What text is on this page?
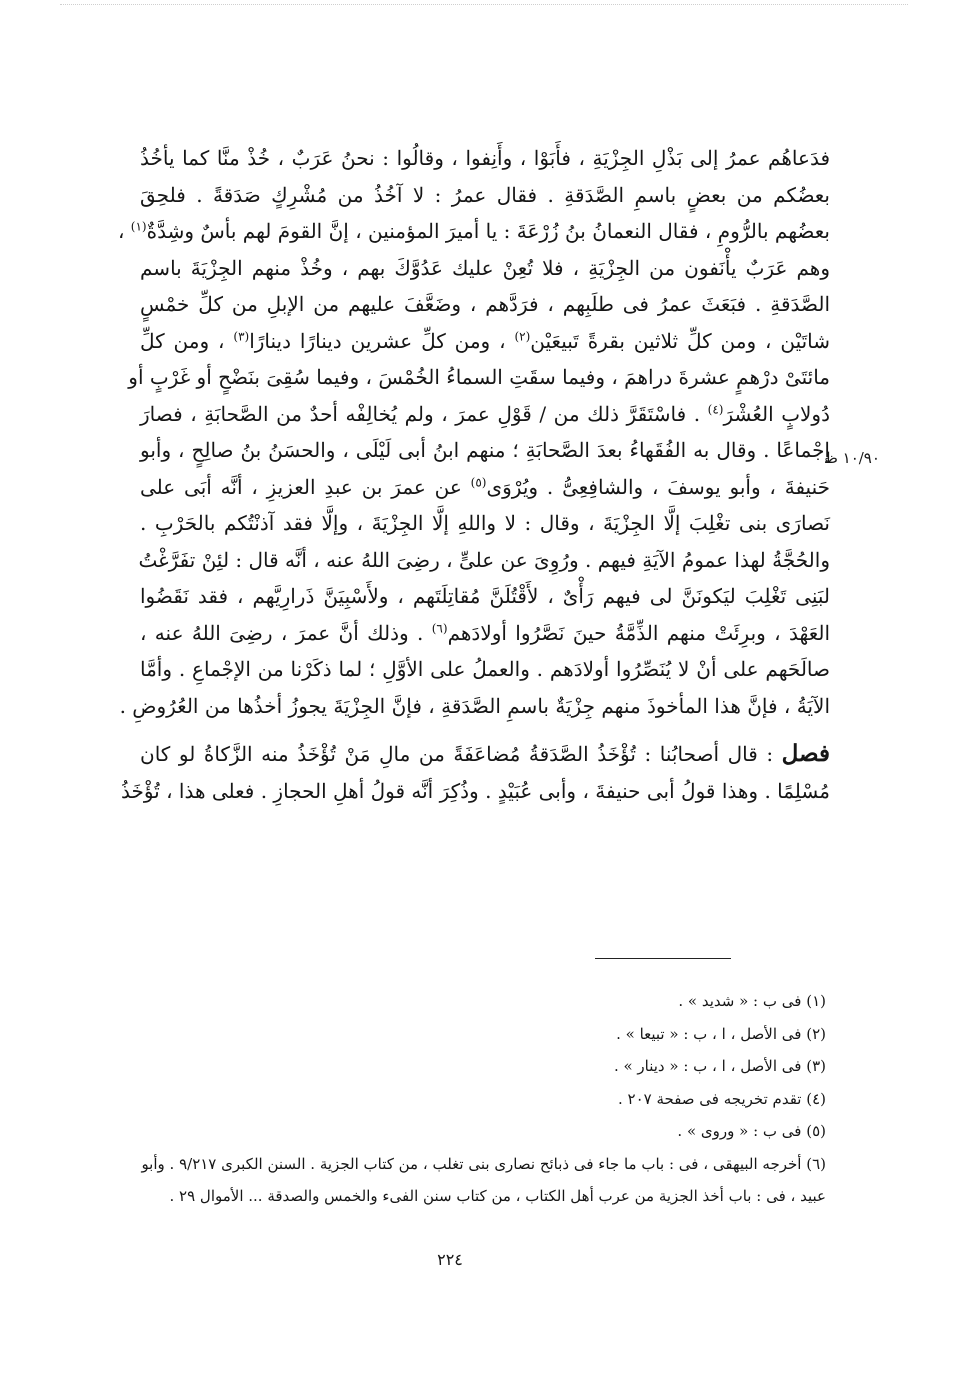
فدَعاهُم عمرُ إلى بَذْلِ الجِزْيَةِ ، فأَبَوْا ، وأَنِفوا ، وقالُوا : نحنُ عَرَبٌ ، خُذْ منَّا كما يأخُذُ
بعضُكم من بعضٍ باسمِ الصَّدَقةِ . فقال عمرُ : لا آخُذُ من مُشْرِكٍ صَدَقةً . فلحِقَ
بعضُهم بالرُّومِ ، فقال النعمانُ بنُ زُرْعَةَ : يا أميرَ المؤمنين ، إنَّ القومَ لهم بأسٌ وشِدَّةٌ$^{(١)}$ ،
وهم عَرَبٌ يأْنَفون من الجِزْيَةِ ، فلا تُعِنْ عليك عَدُوَّكَ بهم ، وخُذْ منهم الجِزْيَةَ باسم
الصَّدَقةِ . فبَعَثَ عمرُ فى طلَبِهم ، فرَدَّهم ، وضَعَّفَ عليهم من الإبلِ من كلِّ خمْسٍ
شاتَيْن ، ومن كلِّ ثلاثين بقرةً تَبيعَيْن$^{(٢)}$ ، ومن كلِّ عشرين دينارًا دينارًا$^{(٣)}$ ، ومن كلِّ
مائتَىْ درْهمٍ عشرةَ دراهمَ ، وفيما سقَتِ السماءُ الخُمْسَ ، وفيما سُقِىَ بنَضْحٍ أو غَرْبٍ أو
دُولابٍ العُشْرَ$^{(٤)}$ . فاسْتَقَرَّ ذلك من / قَوْلِ عمرَ ، ولم يُخالِفْه أحدٌ من الصَّحابَةِ ، فصارَ
إجْماعًا . وقال به الفُقَهاءُ بعدَ الصَّحابَةِ ؛ منهم ابنُ أبى لَيْلَى ، والحسَنُ بنُ صالِحٍ ، وأبو
حَنيفةَ ، وأبو يوسفَ ، والشافِعِىُّ . ويُرْوَى$^{(٥)}$ عن عمرَ بن عبدِ العزيزِ ، أنَّه أبَى على
نَصارَى بنى تغْلِبَ إلَّا الجِزْيَةَ ، وقال : لا واللهِ إلَّا الجِزْيَةَ ، وإلَّا فقد آذنْتُكم بالحَرْبِ .
والحُجَّةُ لهذا عمومُ الآيَةِ فيهم . ورُوِىَ عن علىٍّ ، رضِىَ اللهُ عنه ، أنَّه قال : لئِنْ تفَرَّغْتُ
لبَنِى تَغْلِبَ ليَكونَنَّ لى فيهم رَأْىٌ ، لأَقْتُلَنَّ مُقاتِلَتَهم ، ولأَسْبِيَنَّ ذَرارِيَّهم ، فقد نَقَضُوا
العَهْدَ ، وبرِئَتْ منهم الذِّمَّةُ حينَ نَصَّرُوا أولادَهم$^{(٦)}$ . وذلك أنَّ عمرَ ، رضِىَ اللهُ عنه ،
صالَحَهم على أنْ لا يُنَصِّرُوا أولادَهم . والعملُ على الأوَّلِ ؛ لما ذكَرْنا من الإجْماعِ . وأمَّا
الآيَةُ ، فإنَّ هذا المأخوذَ منهم جِزْيَةٌ باسمِ الصَّدَقةِ ، فإنَّ الجِزْيَةَ يجوزُ أخذُها من العُرُوضِ .
فصل : قال أصحابُنا : تُؤْخَذُ الصَّدَقةُ مُضاعَفَةً من مالِ مَنْ تُؤْخَذُ منه الزَّكاةُ لو كان
مُسْلِمًا . وهذا قولُ أبى حنيفةَ ، وأبى عُبَيْدٍ . وذُكِرَ أنَّه قولُ أهلِ الحجازِ . فعلى هذا ، تُؤْخَذُ
١٠/٩٠ ظ
(١) فى ب : « شديد » .
(٢) فى الأصل ، ا ، ب : « تبيعا » .
(٣) فى الأصل ، ا ، ب : « دينار » .
(٤) تقدم تخريجه فى صفحة ٢٠٧ .
(٥) فى ب : « وروى » .
(٦) أخرجه البيهقى ، فى : باب ما جاء فى ذبائح نصارى بنى تغلب ، من كتاب الجزية . السنن الكبرى ٩/٢١٧ . وأبو
عبيد ، فى : باب أخذ الجزية من عرب أهل الكتاب ، من كتاب سنن الفىء والخمس والصدقة ... الأموال ٢٩ .
٢٢٤
